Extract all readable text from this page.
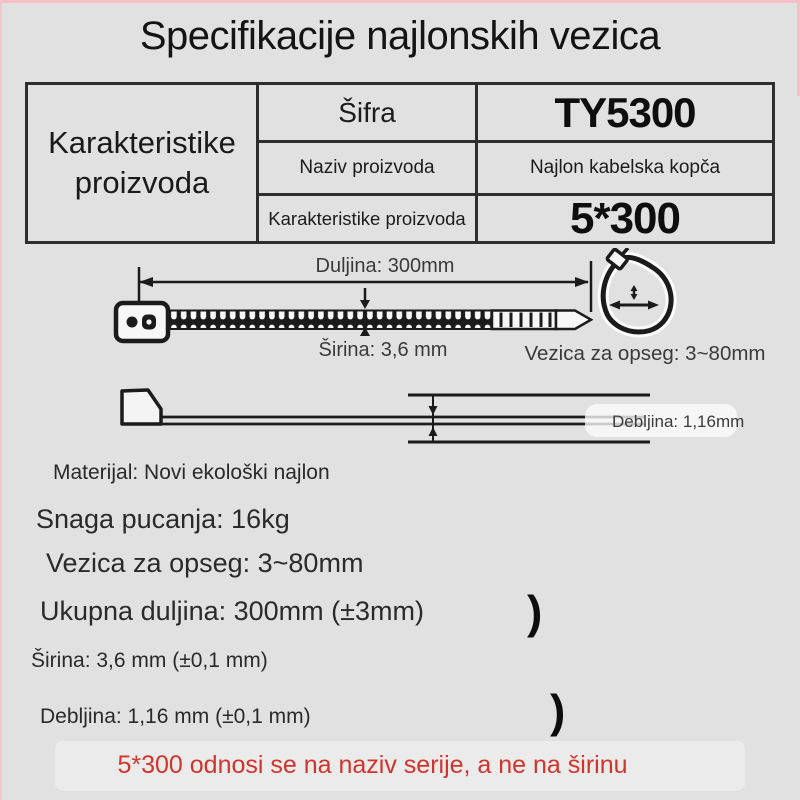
Specifikacije najlonskih vezica
Karakteristike proizvoda
Šifra	TY5300
Naziv proizvoda	Najlon kabelska kopča
Karakteristike proizvoda	5*300
Duljina: 300mm
Širina: 3,6 mm	Vezica za opseg: 3~80mm
Debljina: 1,16mm
Materijal: Novi ekološki najlon
Snaga pucanja: 16kg
Vezica za opseg: 3~80mm
Ukupna duljina: 300mm (±3mm) )
Širina: 3,6 mm (±0,1 mm)
Debljina: 1,16 mm (±0,1 mm)	)
5*300 odnosi se na naziv serije, a ne na širinu
